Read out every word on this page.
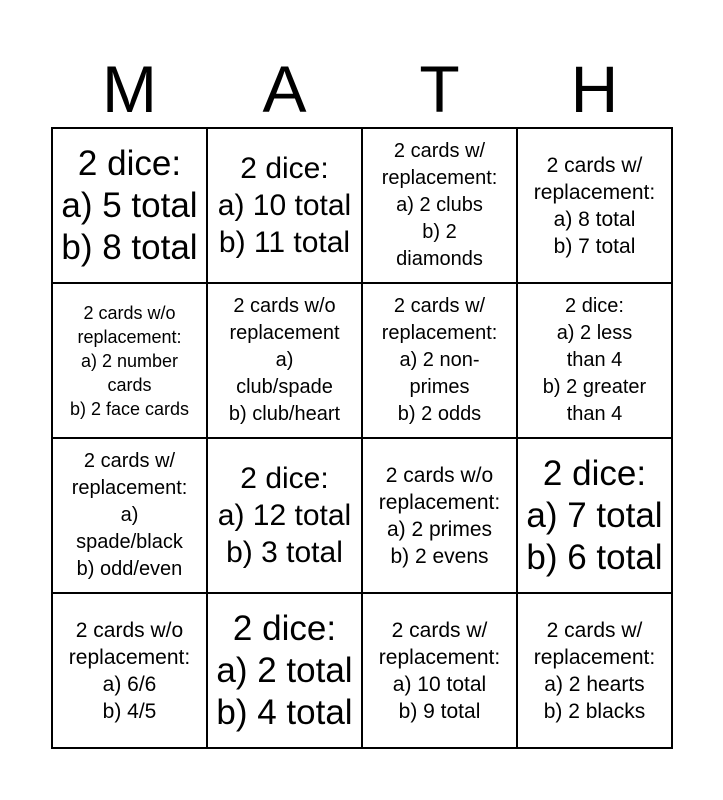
M	A	T	H
2 dice:
a) 5 total
b) 8 total
2 dice:
a) 10 total
b) 11 total
2 cards w/
replacement:
a) 2 clubs
b) 2
diamonds
2 cards w/
replacement:
a) 8 total
b) 7 total
2 cards w/o
replacement:
a) 2 number
cards
b) 2 face cards
2 cards w/o
replacement
a)
club/spade
b) club/heart
2 cards w/
replacement:
a) 2 non-
primes
b) 2 odds
2 dice:
a) 2 less
than 4
b) 2 greater
than 4
2 cards w/
replacement:
a)
spade/black
b) odd/even
2 dice:
a) 12 total
b) 3 total
2 cards w/o
replacement:
a) 2 primes
b) 2 evens
2 dice:
a) 7 total
b) 6 total
2 cards w/o
replacement:
a) 6/6
b) 4/5
2 dice:
a) 2 total
b) 4 total
2 cards w/
replacement:
a) 10 total
b) 9 total
2 cards w/
replacement:
a) 2 hearts
b) 2 blacks
